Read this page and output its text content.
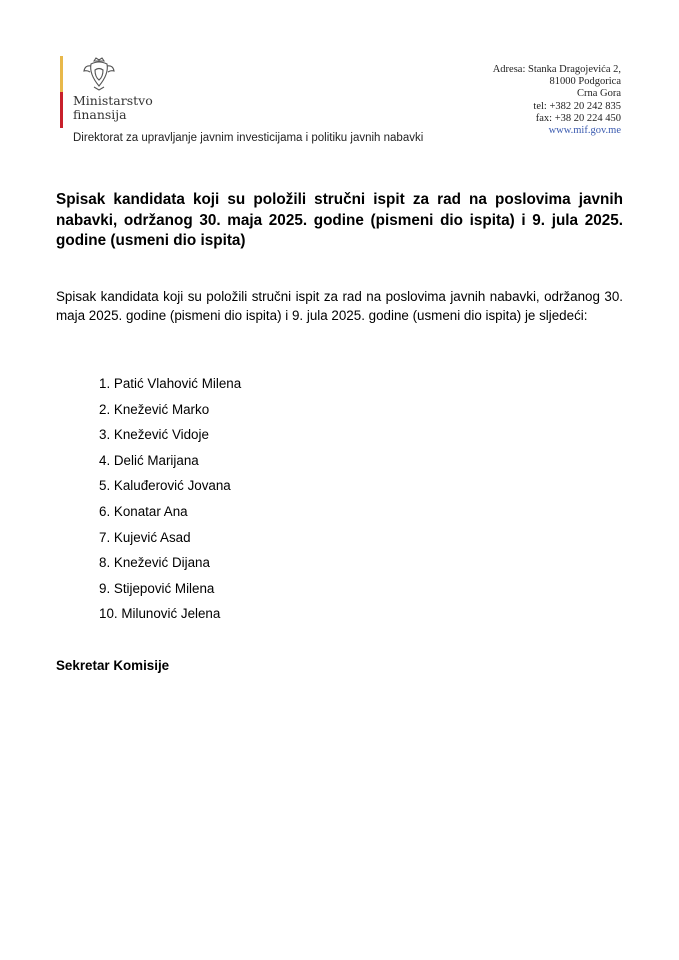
Ministarstvo
finansija
Direktorat za upravljanje javnim investicijama i politiku javnih nabavki
Adresa: Stanka Dragojevića 2,
81000 Podgorica
Crna Gora
tel: +382 20 242 835
fax: +38 20 224 450
www.mif.gov.me
Spisak kandidata koji su položili stručni ispit za rad na poslovima javnih nabavki, održanog 30. maja 2025. godine (pismeni dio ispita) i 9. jula 2025. godine (usmeni dio ispita)
Spisak kandidata koji su položili stručni ispit za rad na poslovima javnih nabavki, održanog 30. maja 2025. godine (pismeni dio ispita) i 9. jula 2025. godine (usmeni dio ispita) je sljedeći:
1. Patić Vlahović Milena
2. Knežević Marko
3. Knežević Vidoje
4. Delić Marijana
5. Kaluđerović Jovana
6. Konatar Ana
7. Kujević Asad
8. Knežević Dijana
9. Stijepović Milena
10. Milunović Jelena
Sekretar Komisije
